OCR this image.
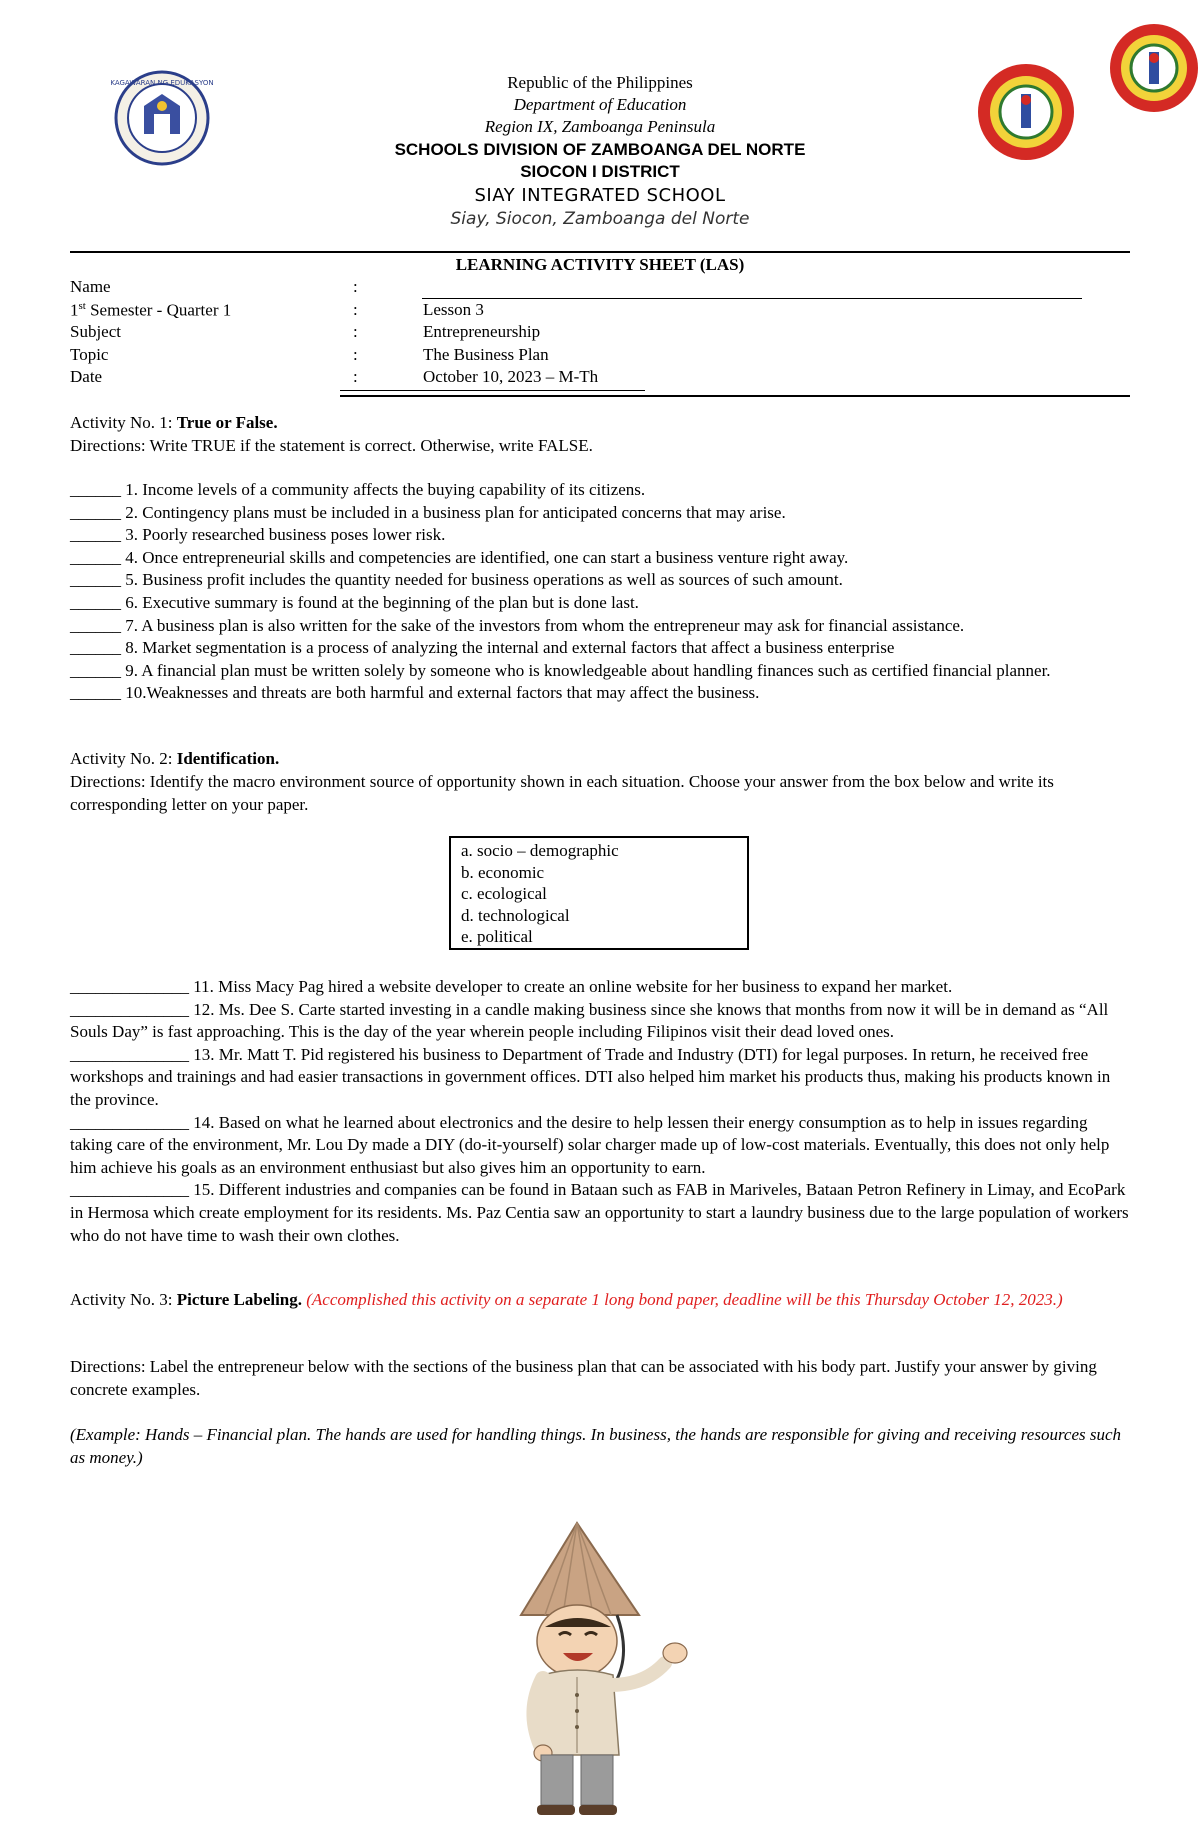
KAGAWARAN NG EDUKASYON	Republic of the Philippines
Department of Education
Region IX, Zamboanga Peninsula
SCHOOLS DIVISION OF ZAMBOANGA DEL NORTE
SIOCON I DISTRICT
SIAY INTEGRATED SCHOOL
Siay, Siocon, Zamboanga del Norte
LEARNING ACTIVITY SHEET (LAS)
Name	:
1st Semester - Quarter 1	:	Lesson 3
Subject	:	Entrepreneurship
Topic	:	The Business Plan
Date	:	October 10, 2023 – M-Th
Activity No. 1: True or False.
Directions: Write TRUE if the statement is correct. Otherwise, write FALSE.

______ 1. Income levels of a community affects the buying capability of its citizens.

______ 2. Contingency plans must be included in a business plan for anticipated concerns that may arise.

______ 3. Poorly researched business poses lower risk.

______ 4. Once entrepreneurial skills and competencies are identified, one can start a business venture right away.

______ 5. Business profit includes the quantity needed for business operations as well as sources of such amount.

______ 6. Executive summary is found at the beginning of the plan but is done last.

______ 7. A business plan is also written for the sake of the investors from whom the entrepreneur may ask for financial assistance.

______ 8. Market segmentation is a process of analyzing the internal and external factors that affect a business enterprise

______ 9. A financial plan must be written solely by someone who is knowledgeable about handling finances such as certified financial planner.

______ 10.Weaknesses and threats are both harmful and external factors that may affect the business.

Activity No. 2: Identification.
Directions: Identify the macro environment source of opportunity shown in each situation. Choose your answer from the box below and write its corresponding letter on your paper.
a. socio – demographic
b. economic
c. ecological
d. technological
e. political

______________ 11. Miss Macy Pag hired a website developer to create an online website for her business to expand her market.

______________ 12. Ms. Dee S. Carte started investing in a candle making business since she knows that months from now it will be in demand as “All Souls Day” is fast approaching. This is the day of the year wherein people including Filipinos visit their dead loved ones.

______________ 13. Mr. Matt T. Pid registered his business to Department of Trade and Industry (DTI) for legal purposes. In return, he received free workshops and trainings and had easier transactions in government offices. DTI also helped him market his products thus, making his products known in the province.

______________ 14. Based on what he learned about electronics and the desire to help lessen their energy consumption as to help in issues regarding taking care of the environment, Mr. Lou Dy made a DIY (do-it-yourself) solar charger made up of low-cost materials. Eventually, this does not only help him achieve his goals as an environment enthusiast but also gives him an opportunity to earn.

______________ 15. Different industries and companies can be found in Bataan such as FAB in Mariveles, Bataan Petron Refinery in Limay, and EcoPark in Hermosa which create employment for its residents. Ms. Paz Centia saw an opportunity to start a laundry business due to the large population of workers who do not have time to wash their own clothes.

Activity No. 3: Picture Labeling. (Accomplished this activity on a separate 1 long bond paper, deadline will be this Thursday October 12, 2023.)
Directions: Label the entrepreneur below with the sections of the business plan that can be associated with his body part. Justify your answer by giving concrete examples.
(Example: Hands – Financial plan. The hands are used for handling things. In business, the hands are responsible for giving and receiving resources such as money.)
